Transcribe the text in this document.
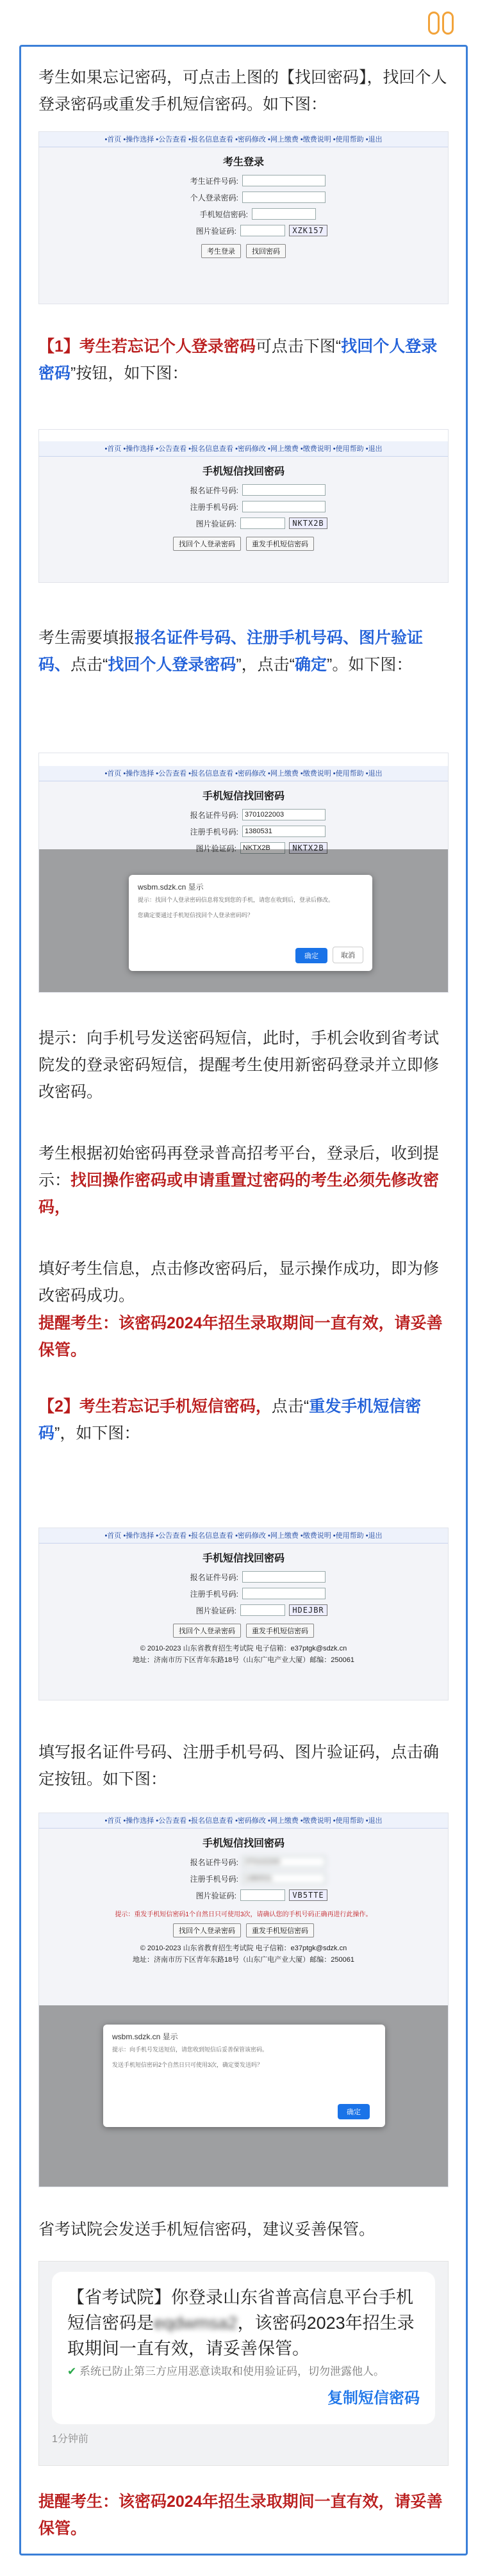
考生如果忘记密码，可点击上图的【找回密码】，找回个人登录密码或重发手机短信密码。如下图：
•首页 •操作选择 •公告查看 •报名信息查看 •密码修改 •网上缴费 •缴费说明 •使用帮助 •退出
考生登录
考生证件号码:
个人登录密码:
手机短信密码:
图片验证码:	XZK157
考生登录	找回密码
【1】考生若忘记个人登录密码可点击下图“找回个人登录密码”按钮，如下图：
•首页 •操作选择 •公告查看 •报名信息查看 •密码修改 •网上缴费 •缴费说明 •使用帮助 •退出
手机短信找回密码
报名证件号码:
注册手机号码:
图片验证码:	NKTX2B
找回个人登录密码	重发手机短信密码
考生需要填报报名证件号码、注册手机号码、图片验证码、点击“找回个人登录密码”，点击“确定”。如下图：
•首页 •操作选择 •公告查看 •报名信息查看 •密码修改 •网上缴费 •缴费说明 •使用帮助 •退出
手机短信找回密码
报名证件号码: 3701022003
注册手机号码: 1380531
图片验证码: NKTX2B	NKTX2B
wsbm.sdzk.cn 显示
提示：找回个人登录密码信息将发到您的手机，请您在收到后，登录后修改。
您确定要通过手机短信找回个人登录密码吗？
确定	取消
提示：向手机号发送密码短信，此时，手机会收到省考试院发的登录密码短信，提醒考生使用新密码登录并立即修改密码。
考生根据初始密码再登录普高招考平台，登录后，收到提示：找回操作密码或申请重置过密码的考生必须先修改密码，
填好考生信息，点击修改密码后，显示操作成功，即为修改密码成功。
提醒考生：该密码2024年招生录取期间一直有效，请妥善保管。
【2】考生若忘记手机短信密码，点击“重发手机短信密码”，如下图：
•首页 •操作选择 •公告查看 •报名信息查看 •密码修改 •网上缴费 •缴费说明 •使用帮助 •退出
手机短信找回密码
报名证件号码:
注册手机号码:
图片验证码:	HDEJBR
找回个人登录密码	重发手机短信密码
© 2010-2023 山东省教育招生考试院 电子信箱：e37ptgk@sdzk.cn
地址：济南市历下区青年东路18号（山东广电产业大厦）邮编：250061
填写报名证件号码、注册手机号码、图片验证码，点击确定按钮。如下图：
•首页 •操作选择 •公告查看 •报名信息查看 •密码修改 •网上缴费 •缴费说明 •使用帮助 •退出
手机短信找回密码
报名证件号码: 370102200
注册手机号码: 1380531
图片验证码:	VB5TTE
提示：重发手机短信密码1个自然日只可使用3次，请确认您的手机号码正确再进行此操作。
找回个人登录密码	重发手机短信密码
© 2010-2023 山东省教育招生考试院 电子信箱：e37ptgk@sdzk.cn
地址：济南市历下区青年东路18号（山东广电产业大厦）邮编：250061
wsbm.sdzk.cn 显示
提示：向手机号发送短信，请您收到短信后妥善保管该密码。
发送手机短信密码2个自然日只可使用3次，确定要发送吗？
确定
省考试院会发送手机短信密码，建议妥善保管。
【省考试院】你登录山东省普高信息平台手机短信密码是eqdwmsa2，该密码2023年招生录取期间一直有效，请妥善保管。
✔ 系统已防止第三方应用恶意读取和使用验证码，切勿泄露他人。
复制短信密码
1分钟前
提醒考生：该密码2024年招生录取期间一直有效，请妥善保管。
